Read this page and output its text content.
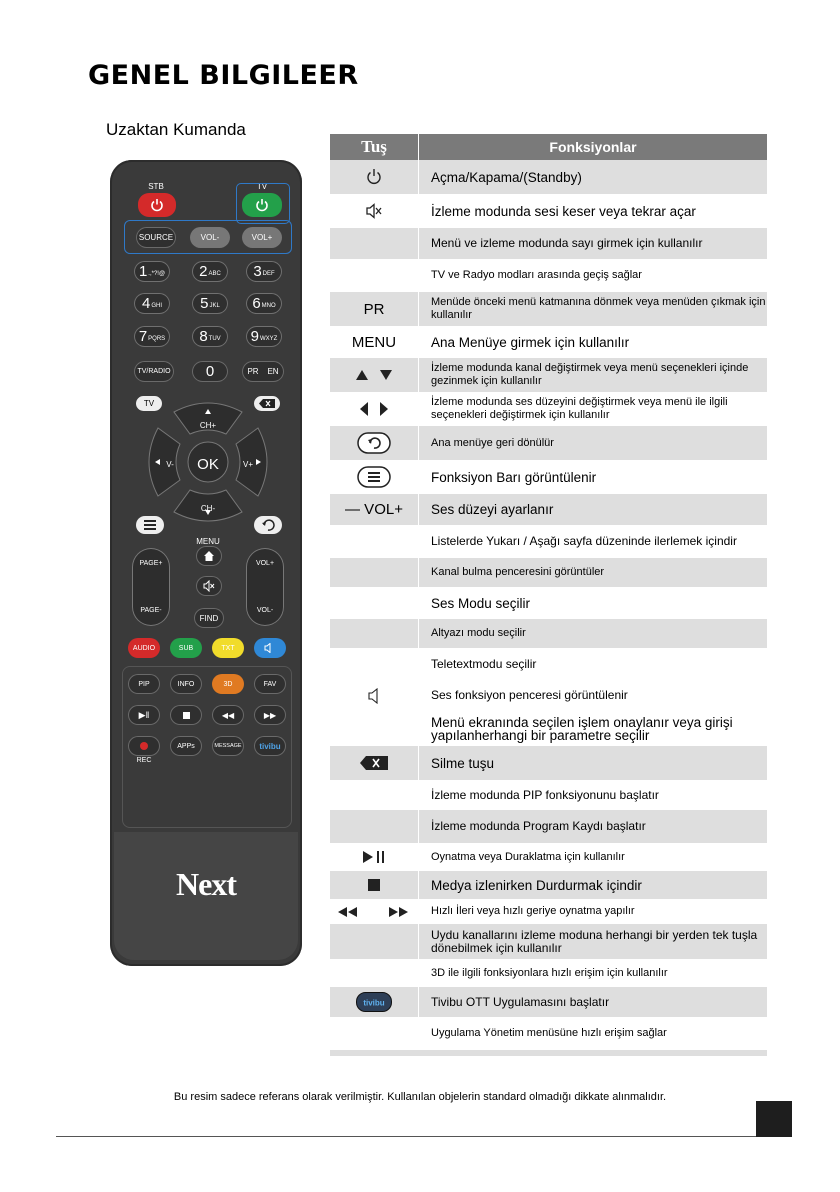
GENEL BILGILEER
Uzaktan Kumanda
STB	TV
SOURCE	VOL-	VOL+
1 .,*?!@ 2 ABC 3 DEF
4 GHI	5 JKL 6 MNO
7 PQRS 8 TUV 9 WXYZ
TV/RADIO	0	PR    EN
TV
CH+
CH-
OK
V-	V+
MENU
PAGE+
PAGE-
VOL+
VOL-
FIND
AUDIO	SUB	TXT
PIP	INFO	3D	FAV
▶‖	◀◀	▶▶
APPs	MESSAGE	tivibu
REC
Next
Tuş	Fonksiyonlar
Açma/Kapama/(Standby)
İzleme modunda sesi keser veya tekrar açar
Menü ve izleme modunda sayı girmek için kullanılır
TV ve Radyo modları arasında geçiş sağlar
PR	Menüde önceki menü katmanına dönmek veya menüden çıkmak için kullanılır
MENU	Ana Menüye girmek için kullanılır
İzleme modunda kanal değiştirmek veya menü seçenekleri içinde gezinmek için kullanılır
İzleme modunda ses düzeyini değiştirmek veya menü ile ilgili seçenekleri değiştirmek için kullanılır
Ana menüye geri dönülür
Fonksiyon Barı görüntülenir
— VOL+	Ses düzeyi ayarlanır
Listelerde Yukarı / Aşağı sayfa düzeninde ilerlemek içindir
Kanal bulma penceresini görüntüler
Ses Modu seçilir
Altyazı modu seçilir
Teletextmodu seçilir
Ses fonksiyon penceresi görüntülenir
Menü ekranında seçilen işlem onaylanır veya girişi yapılanherhangi bir parametre seçilir
Silme tuşu
İzleme modunda PIP fonksiyonunu başlatır
İzleme modunda Program Kaydı başlatır
Oynatma veya Duraklatma için kullanılır
Medya izlenirken Durdurmak içindir
Hızlı İleri veya hızlı geriye oynatma yapılır
Uydu kanallarını izleme moduna herhangi bir yerden tek tuşla dönebilmek için kullanılır
3D ile ilgili fonksiyonlara hızlı erişim için kullanılır
tivibu	Tivibu OTT Uygulamasını başlatır
Uygulama Yönetim menüsüne hızlı erişim sağlar
Bu resim sadece referans olarak verilmiştir. Kullanılan objelerin standard olmadığı dikkate alınmalıdır.
